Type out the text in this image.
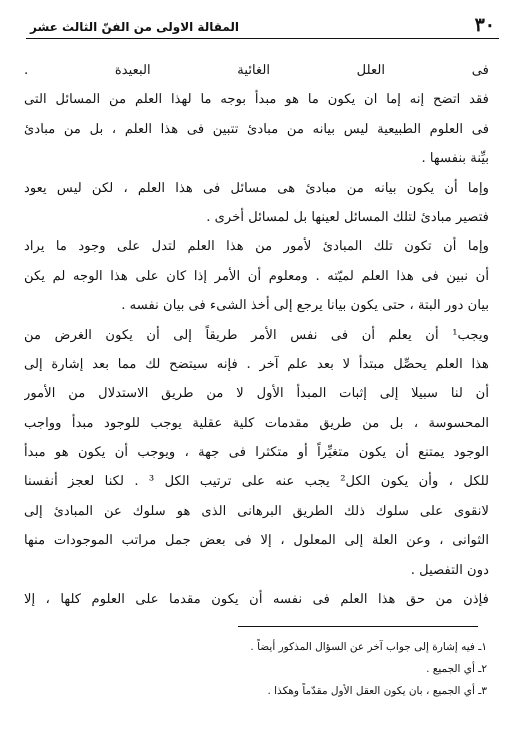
٣٠
المقالة الاولى من الفنّ الثالث عشر
فى العلل الغائية البعيدة .
فقد اتضح إنه إما ان يكون ما هو مبدأ بوجه ما لهذا العلم من المسائل التى
فى العلوم الطبيعية ليس بيانه من مبادئ تتبين فى هذا العلم ، بل من مبادئ
بيِّنة بنفسها .
وإما أن يكون بيانه من مبادئ هى مسائل فى هذا العلم ، لكن ليس يعود
فتصير مبادئ لتلك المسائل لعينها بل لمسائل أخرى .
وإما أن تكون تلك المبادئ لأمور من هذا العلم لتدل على وجود ما يراد
أن نبين فى هذا العلم لميّته . ومعلوم أن الأمر إذا كان على هذا الوجه لم يكن
بيان دور البتة ، حتى يكون بيانا يرجع إلى أخذ الشىء فى بيان نفسه .
ويجب¹ أن يعلم أن فى نفس الأمر طريقاً إلى أن يكون الغرض من
هذا العلم يحصِّل مبتدأ لا بعد علم آخر . فإنه سيتضح لك مما بعد إشارة إلى
أن لنا سبيلا إلى إثبات المبدأ الأول لا من طريق الاستدلال من الأمور
المحسوسة ، بل من طريق مقدمات كلية عقلية يوجب للوجود مبدأ وواجب
الوجود يمتنع أن يكون متغيِّراً أو متكثرا فى جهة ، ويوجب أن يكون هو مبدأ
للكل ، وأن يكون الكل² يجب عنه على ترتيب الكل ³ . لكنا لعجز أنفسنا
لانقوى على سلوك ذلك الطريق البرهانى الذى هو سلوك عن المبادئ إلى
الثوانى ، وعن العلة إلى المعلول ، إلا فى بعض جمل مراتب الموجودات منها
دون التفصيل .
فإذن من حق هذا العلم فى نفسه أن يكون مقدما على العلوم كلها ، إلا
١ـ فيه إشارة إلى جواب آخر عن السؤال المذكور أيضاً .
٢ـ أي الجميع .
٣ـ أي الجميع ، بان يكون العقل الأول مقدّماً وهكذا .
